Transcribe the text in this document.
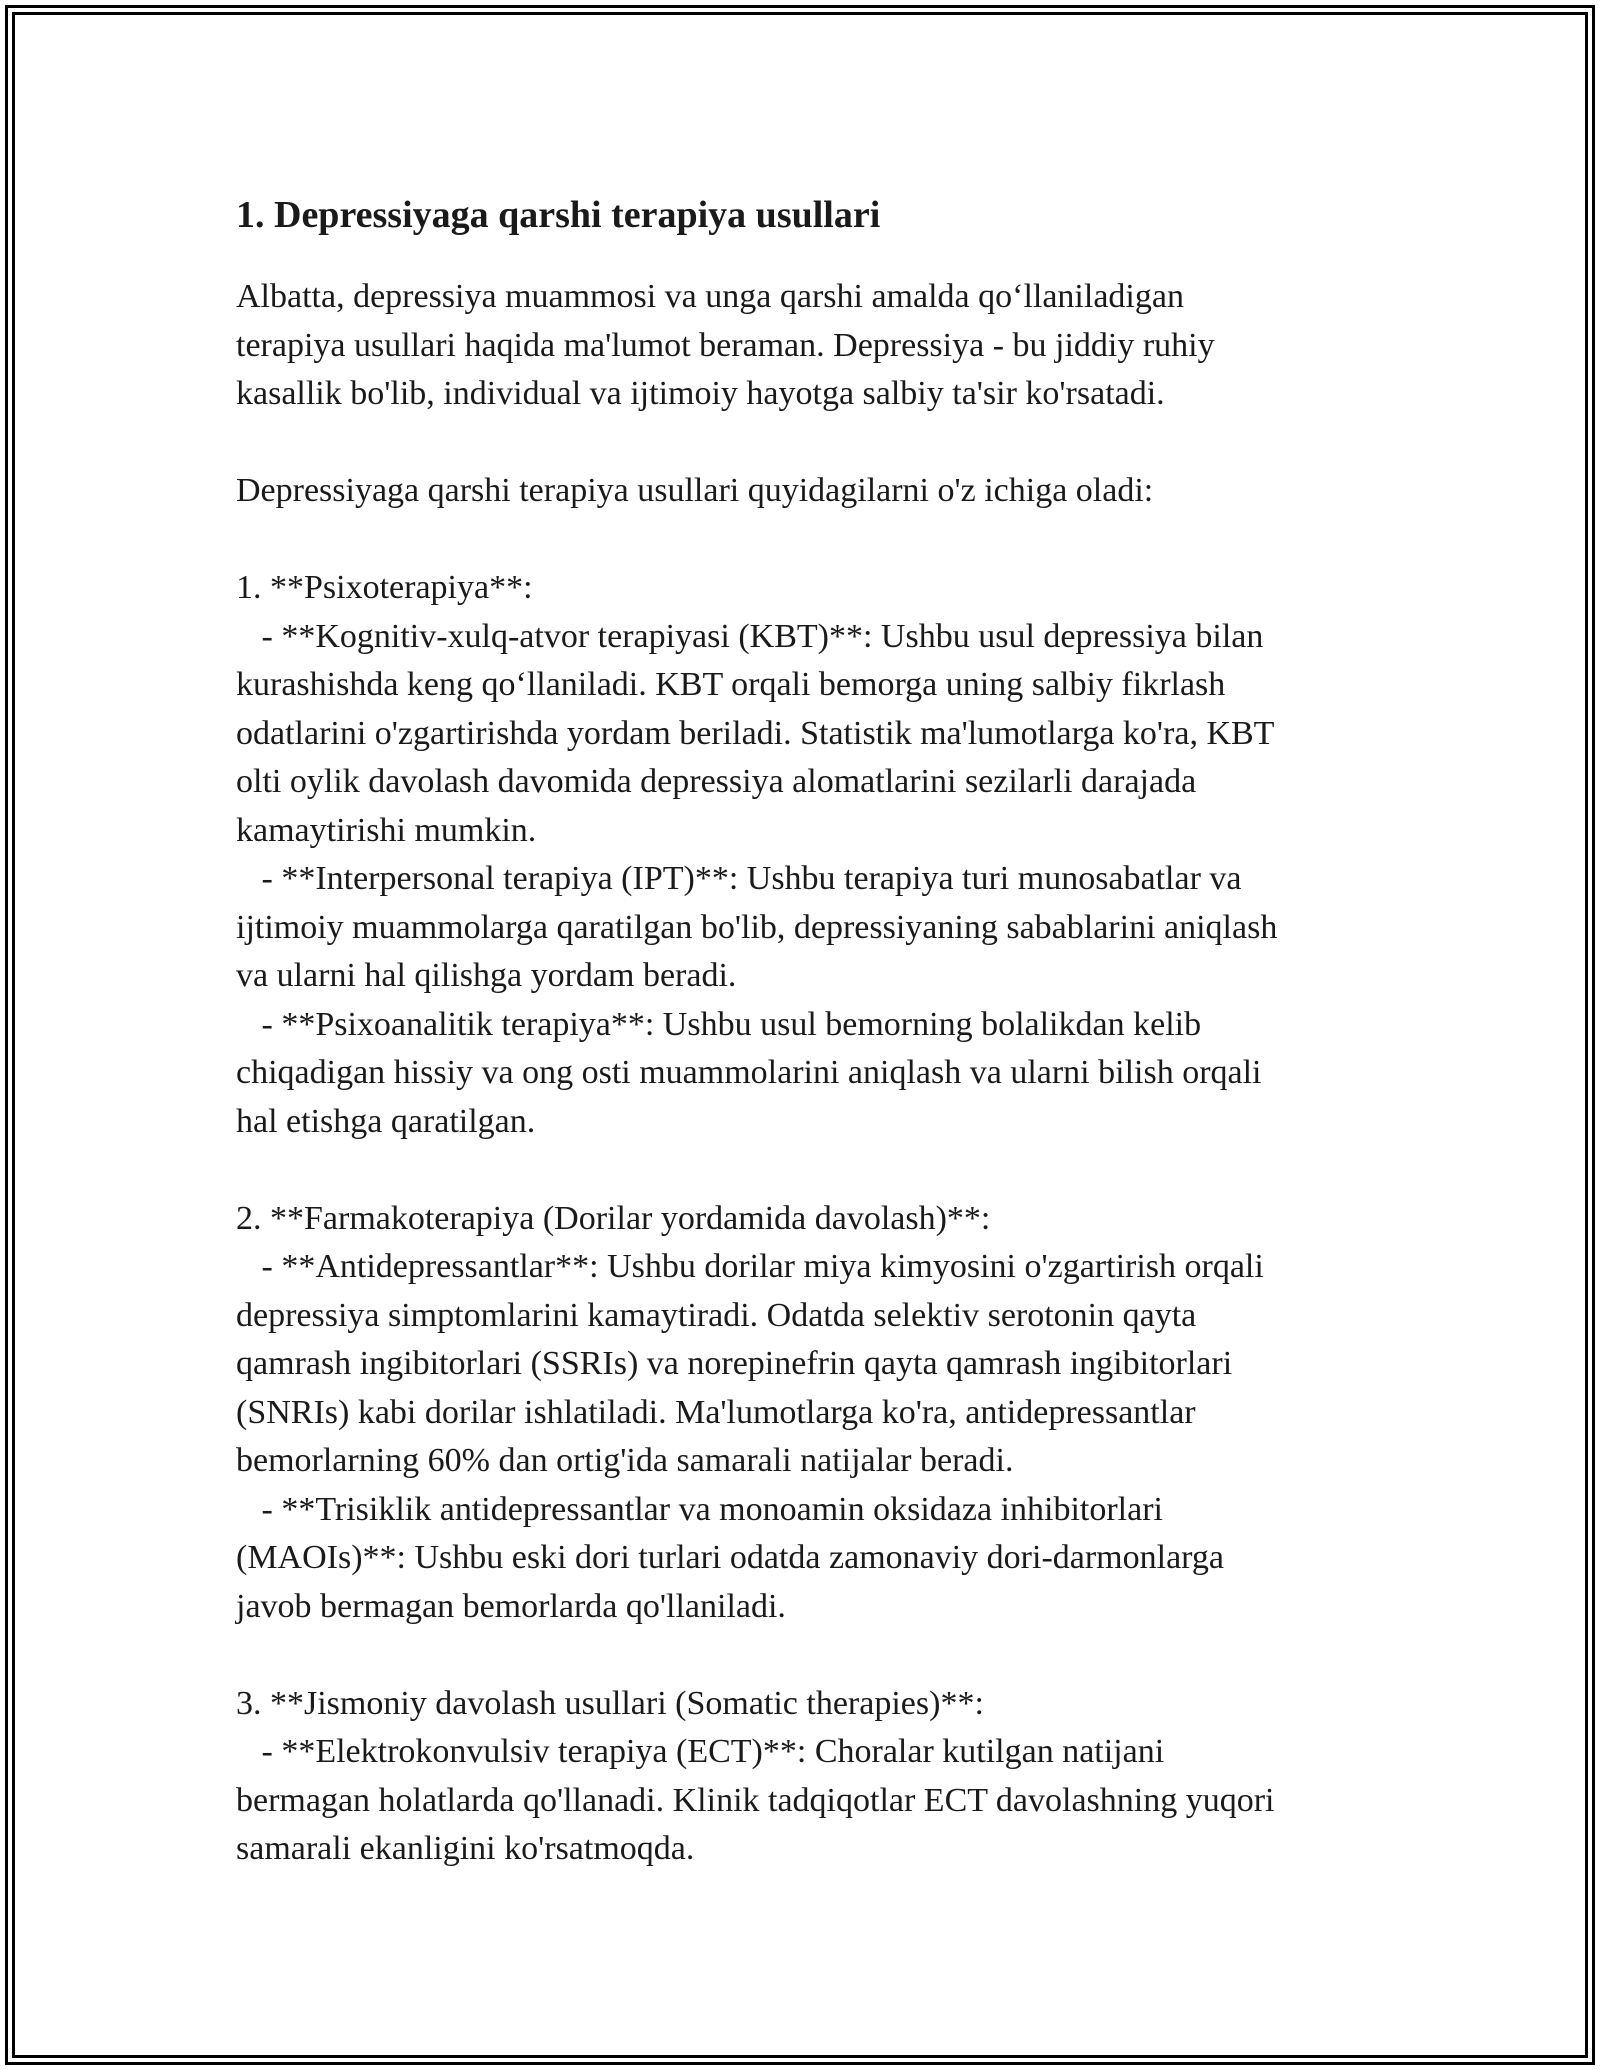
1. Depressiyaga qarshi terapiya usullari

Albatta, depressiya muammosi va unga qarshi amalda qo‘llaniladigan
terapiya usullari haqida ma'lumot beraman. Depressiya - bu jiddiy ruhiy
kasallik bo'lib, individual va ijtimoiy hayotga salbiy ta'sir ko'rsatadi.

Depressiyaga qarshi terapiya usullari quyidagilarni o'z ichiga oladi:

1. **Psixoterapiya**:
- **Kognitiv-xulq-atvor terapiyasi (KBT)**: Ushbu usul depressiya bilan
kurashishda keng qo‘llaniladi. KBT orqali bemorga uning salbiy fikrlash
odatlarini o'zgartirishda yordam beriladi. Statistik ma'lumotlarga ko'ra, KBT
olti oylik davolash davomida depressiya alomatlarini sezilarli darajada
kamaytirishi mumkin.
- **Interpersonal terapiya (IPT)**: Ushbu terapiya turi munosabatlar va
ijtimoiy muammolarga qaratilgan bo'lib, depressiyaning sabablarini aniqlash
va ularni hal qilishga yordam beradi.
- **Psixoanalitik terapiya**: Ushbu usul bemorning bolalikdan kelib
chiqadigan hissiy va ong osti muammolarini aniqlash va ularni bilish orqali
hal etishga qaratilgan.

2. **Farmakoterapiya (Dorilar yordamida davolash)**:
- **Antidepressantlar**: Ushbu dorilar miya kimyosini o'zgartirish orqali
depressiya simptomlarini kamaytiradi. Odatda selektiv serotonin qayta
qamrash ingibitorlari (SSRIs) va norepinefrin qayta qamrash ingibitorlari
(SNRIs) kabi dorilar ishlatiladi. Ma'lumotlarga ko'ra, antidepressantlar
bemorlarning 60% dan ortig'ida samarali natijalar beradi.
- **Trisiklik antidepressantlar va monoamin oksidaza inhibitorlari
(MAOIs)**: Ushbu eski dori turlari odatda zamonaviy dori-darmonlarga
javob bermagan bemorlarda qo'llaniladi.

3. **Jismoniy davolash usullari (Somatic therapies)**:
- **Elektrokonvulsiv terapiya (ECT)**: Choralar kutilgan natijani
bermagan holatlarda qo'llanadi. Klinik tadqiqotlar ECT davolashning yuqori
samarali ekanligini ko'rsatmoqda.
